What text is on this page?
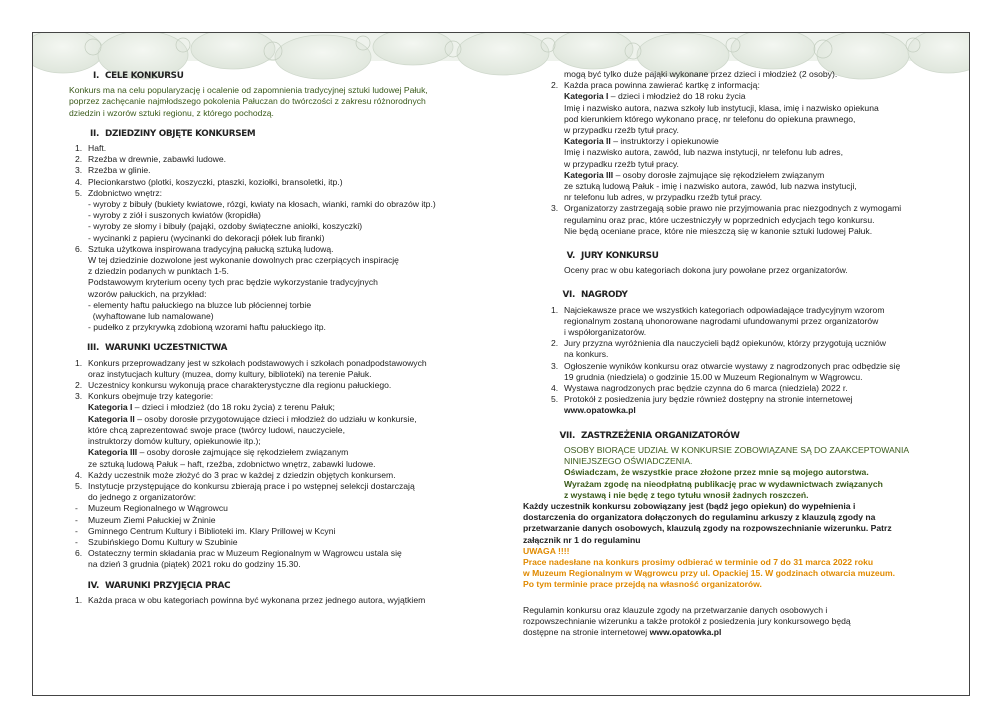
I. CELE KONKURSU

Konkurs ma na celu popularyzację i ocalenie od zapomnienia tradycyjnej sztuki ludowej Pałuk,

poprzez zachęcanie najmłodszego pokolenia Pałuczan do twórczości z zakresu różnorodnych

dziedzin i wzorów sztuki regionu, z którego pochodzą.

II. DZIEDZINY OBJĘTE KONKURSEM
1. Haft.
2. Rzeźba w drewnie, zabawki ludowe.
3. Rzeźba w glinie.
4. Plecionkarstwo (plotki, koszyczki, ptaszki, koziołki, bransoletki, itp.)
5. Zdobnictwo wnętrz:

- wyroby z bibuły (bukiety kwiatowe, rózgi, kwiaty na kłosach, wianki, ramki do obrazów itp.)

- wyroby z ziół i suszonych kwiatów (kropidła)

- wyroby ze słomy i bibuły (pająki, ozdoby świąteczne aniołki, koszyczki)

- wycinanki z papieru (wycinanki do dekoracji półek lub firanki)

6. Sztuka użytkowa inspirowana tradycyjną pałucką sztuką ludową.

W tej dziedzinie dozwolone jest wykonanie dowolnych prac czerpiących inspirację

z dziedzin podanych w punktach 1-5.

Podstawowym kryterium oceny tych prac będzie wykorzystanie tradycyjnych

wzorów pałuckich, na przykład:

- elementy haftu pałuckiego na bluzce lub płóciennej torbie

(wyhaftowane lub namalowane)

- pudełko z przykrywką zdobioną wzorami haftu pałuckiego itp.

III. WARUNKI UCZESTNICTWA
1. Konkurs przeprowadzany jest w szkołach podstawowych i szkołach ponadpodstawowych
oraz instytucjach kultury (muzea, domy kultury, biblioteki) na terenie Pałuk.
2. Uczestnicy konkursu wykonują prace charakterystyczne dla regionu pałuckiego.
3. Konkurs obejmuje trzy kategorie:
Kategoria I – dzieci i młodzież (do 18 roku życia) z terenu Pałuk;
Kategoria II – osoby dorosłe przygotowujące dzieci i młodzież do udziału w konkursie,
które chcą zaprezentować swoje prace (twórcy ludowi, nauczyciele,
instruktorzy domów kultury, opiekunowie itp.);
Kategoria III – osoby dorosłe zajmujące się rękodziełem związanym
ze sztuką ludową Pałuk – haft, rzeźba, zdobnictwo wnętrz, zabawki ludowe.
4. Każdy uczestnik może złożyć do 3 prac w każdej z dziedzin objętych konkursem.
5. Instytucje przystępujące do konkursu zbierają prace i po wstępnej selekcji dostarczają
do jednego z organizatorów:
- Muzeum Regionalnego w Wągrowcu
- Muzeum Ziemi Pałuckiej w Żninie
- Gminnego Centrum Kultury i Biblioteki im. Klary Prillowej w Kcyni
- Szubińskiego Domu Kultury w Szubinie
6. Ostateczny termin składania prac w Muzeum Regionalnym w Wągrowcu ustala się
na dzień 3 grudnia (piątek) 2021 roku do godziny 15.30.
IV. WARUNKI PRZYJĘCIA PRAC
1. Każda praca w obu kategoriach powinna być wykonana przez jednego autora, wyjątkiem

mogą być tylko duże pająki wykonane przez dzieci i młodzież (2 osoby).

2. Każda praca powinna zawierać kartkę z informacją:
Kategoria I – dzieci i młodzież do 18 roku życia
Imię i nazwisko autora, nazwa szkoły lub instytucji, klasa, imię i nazwisko opiekuna
pod kierunkiem którego wykonano pracę, nr telefonu do opiekuna prawnego,
w przypadku rzeźb tytuł pracy.
Kategoria II – instruktorzy i opiekunowie
Imię i nazwisko autora, zawód, lub nazwa instytucji, nr telefonu lub adres,
w przypadku rzeźb tytuł pracy.
Kategoria III – osoby dorosłe zajmujące się rękodziełem związanym
ze sztuką ludową Pałuk - imię i nazwisko autora, zawód, lub nazwa instytucji,
nr telefonu lub adres, w przypadku rzeźb tytuł pracy.
3. Organizatorzy zastrzegają sobie prawo nie przyjmowania prac niezgodnych z wymogami
regulaminu oraz prac, które uczestniczyły w poprzednich edycjach tego konkursu.
Nie będą oceniane prace, które nie mieszczą się w kanonie sztuki ludowej Pałuk.
V. JURY KONKURSU

Oceny prac w obu kategoriach dokona jury powołane przez organizatorów.

VI. NAGRODY
1. Najciekawsze prace we wszystkich kategoriach odpowiadające tradycyjnym wzorom
regionalnym zostaną uhonorowane nagrodami ufundowanymi przez organizatorów
i współorganizatorów.
2. Jury przyzna wyróżnienia dla nauczycieli bądź opiekunów, którzy przygotują uczniów
na konkurs.
3. Ogłoszenie wyników konkursu oraz otwarcie wystawy z nagrodzonych prac odbędzie się
19 grudnia (niedziela) o godzinie 15.00 w Muzeum Regionalnym w Wągrowcu.
4. Wystawa nagrodzonych prac będzie czynna do 6 marca (niedziela) 2022 r.
5. Protokół z posiedzenia jury będzie również dostępny na stronie internetowej
www.opatowka.pl
VII. ZASTRZEŻENIA ORGANIZATORÓW

OSOBY BIORĄCE UDZIAŁ W KONKURSIE ZOBOWIĄZANE SĄ DO ZAAKCEPTOWANIA

NINIEJSZEGO OŚWIADCZENIA.

Oświadczam, że wszystkie prace złożone przez mnie są mojego autorstwa.

Wyrażam zgodę na nieodpłatną publikację prac w wydawnictwach związanych

z wystawą i nie będę z tego tytułu wnosił żadnych roszczeń.

Każdy uczestnik konkursu zobowiązany jest (bądź jego opiekun) do wypełnienia i

dostarczenia do organizatora dołączonych do regulaminu arkuszy z klauzulą zgody na

przetwarzanie danych osobowych, klauzulą zgody na rozpowszechnianie wizerunku. Patrz

załącznik nr 1 do regulaminu

UWAGA !!!!

Prace nadesłane na konkurs prosimy odbierać w terminie od 7 do 31 marca 2022 roku

w Muzeum Regionalnym w Wągrowcu przy ul. Opackiej 15. W godzinach otwarcia muzeum.

Po tym terminie prace przejdą na własność organizatorów.

Regulamin konkursu oraz klauzule zgody na przetwarzanie danych osobowych i

rozpowszechnianie wizerunku a także protokół z posiedzenia jury konkursowego będą

dostępne na stronie internetowej www.opatowka.pl
